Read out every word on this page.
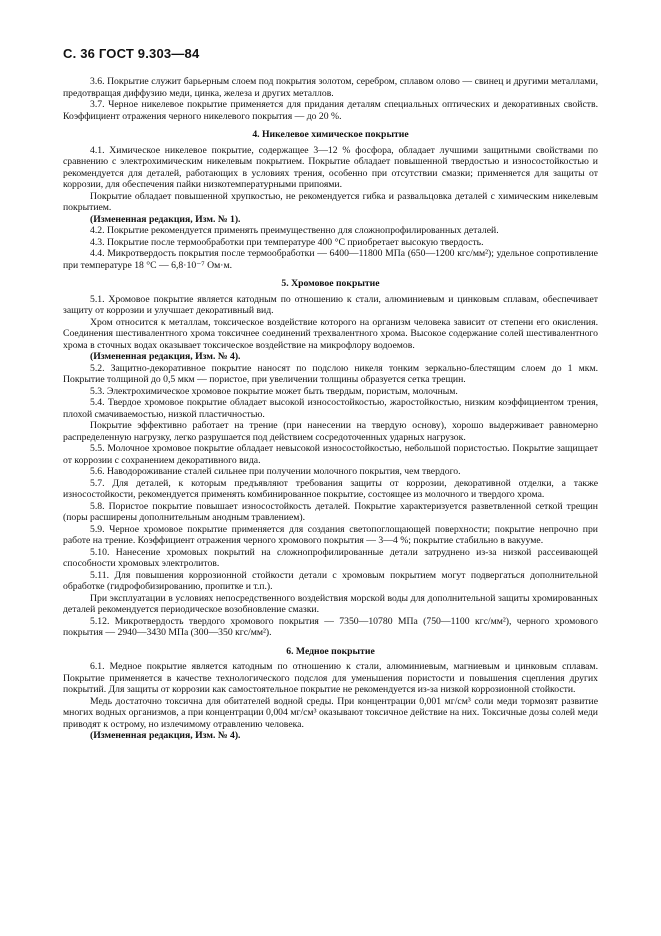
С. 36 ГОСТ 9.303—84

3.6. Покрытие служит барьерным слоем под покрытия золотом, серебром, сплавом олово — свинец и другими металлами, предотвращая диффузию меди, цинка, железа и других металлов.

3.7. Черное никелевое покрытие применяется для придания деталям специальных оптических и декоративных свойств. Коэффициент отражения черного никелевого покрытия — до 20 %.

4. Никелевое химическое покрытие

4.1. Химическое никелевое покрытие, содержащее 3—12 % фосфора, обладает лучшими защитными свойствами по сравнению с электрохимическим никелевым покрытием. Покрытие обладает повышенной твердостью и износостойкостью и рекомендуется для деталей, работающих в условиях трения, особенно при отсутствии смазки; применяется для защиты от коррозии, для обеспечения пайки низкотемпературными припоями.

Покрытие обладает повышенной хрупкостью, не рекомендуется гибка и развальцовка деталей с химическим никелевым покрытием.

(Измененная редакция, Изм. № 1).

4.2. Покрытие рекомендуется применять преимущественно для сложнопрофилированных деталей.

4.3. Покрытие после термообработки при температуре 400 °С приобретает высокую твердость.

4.4. Микротвердость покрытия после термообработки — 6400—11800 МПа (650—1200 кгс/мм²); удельное сопротивление при температуре 18 °С — 6,8·10⁻⁷ Ом·м.

5. Хромовое покрытие

5.1. Хромовое покрытие является катодным по отношению к стали, алюминиевым и цинковым сплавам, обеспечивает защиту от коррозии и улучшает декоративный вид.

Хром относится к металлам, токсическое воздействие которого на организм человека зависит от степени его окисления. Соединения шестивалентного хрома токсичнее соединений трехвалентного хрома. Высокое содержание солей шестивалентного хрома в сточных водах оказывает токсическое воздействие на микрофлору водоемов.

(Измененная редакция, Изм. № 4).

5.2. Защитно-декоративное покрытие наносят по подслою никеля тонким зеркально-блестящим слоем до 1 мкм. Покрытие толщиной до 0,5 мкм — пористое, при увеличении толщины образуется сетка трещин.

5.3. Электрохимическое хромовое покрытие может быть твердым, пористым, молочным.

5.4. Твердое хромовое покрытие обладает высокой износостойкостью, жаростойкостью, низким коэффициентом трения, плохой смачиваемостью, низкой пластичностью.

Покрытие эффективно работает на трение (при нанесении на твердую основу), хорошо выдерживает равномерно распределенную нагрузку, легко разрушается под действием сосредоточенных ударных нагрузок.

5.5. Молочное хромовое покрытие обладает невысокой износостойкостью, небольшой пористостью. Покрытие защищает от коррозии с сохранением декоративного вида.

5.6. Наводороживание сталей сильнее при получении молочного покрытия, чем твердого.

5.7. Для деталей, к которым предъявляют требования защиты от коррозии, декоративной отделки, а также износостойкости, рекомендуется применять комбинированное покрытие, состоящее из молочного и твердого хрома.

5.8. Пористое покрытие повышает износостойкость деталей. Покрытие характеризуется разветвленной сеткой трещин (поры расширены дополнительным анодным травлением).

5.9. Черное хромовое покрытие применяется для создания светопоглощающей поверхности; покрытие непрочно при работе на трение. Коэффициент отражения черного хромового покрытия — 3—4 %; покрытие стабильно в вакууме.

5.10. Нанесение хромовых покрытий на сложнопрофилированные детали затруднено из-за низкой рассеивающей способности хромовых электролитов.

5.11. Для повышения коррозионной стойкости детали с хромовым покрытием могут подвергаться дополнительной обработке (гидрофобизированию, пропитке и т.п.).

При эксплуатации в условиях непосредственного воздействия морской воды для дополнительной защиты хромированных деталей рекомендуется периодическое возобновление смазки.

5.12. Микротвердость твердого хромового покрытия — 7350—10780 МПа (750—1100 кгс/мм²), черного хромового покрытия — 2940—3430 МПа (300—350 кгс/мм²).

6. Медное покрытие

6.1. Медное покрытие является катодным по отношению к стали, алюминиевым, магниевым и цинковым сплавам. Покрытие применяется в качестве технологического подслоя для уменьшения пористости и повышения сцепления других покрытий. Для защиты от коррозии как самостоятельное покрытие не рекомендуется из-за низкой коррозионной стойкости.

Медь достаточно токсична для обитателей водной среды. При концентрации 0,001 мг/см³ соли меди тормозят развитие многих водных организмов, а при концентрации 0,004 мг/см³ оказывают токсичное действие на них. Токсичные дозы солей меди приводят к острому, но излечимому отравлению человека.

(Измененная редакция, Изм. № 4).
